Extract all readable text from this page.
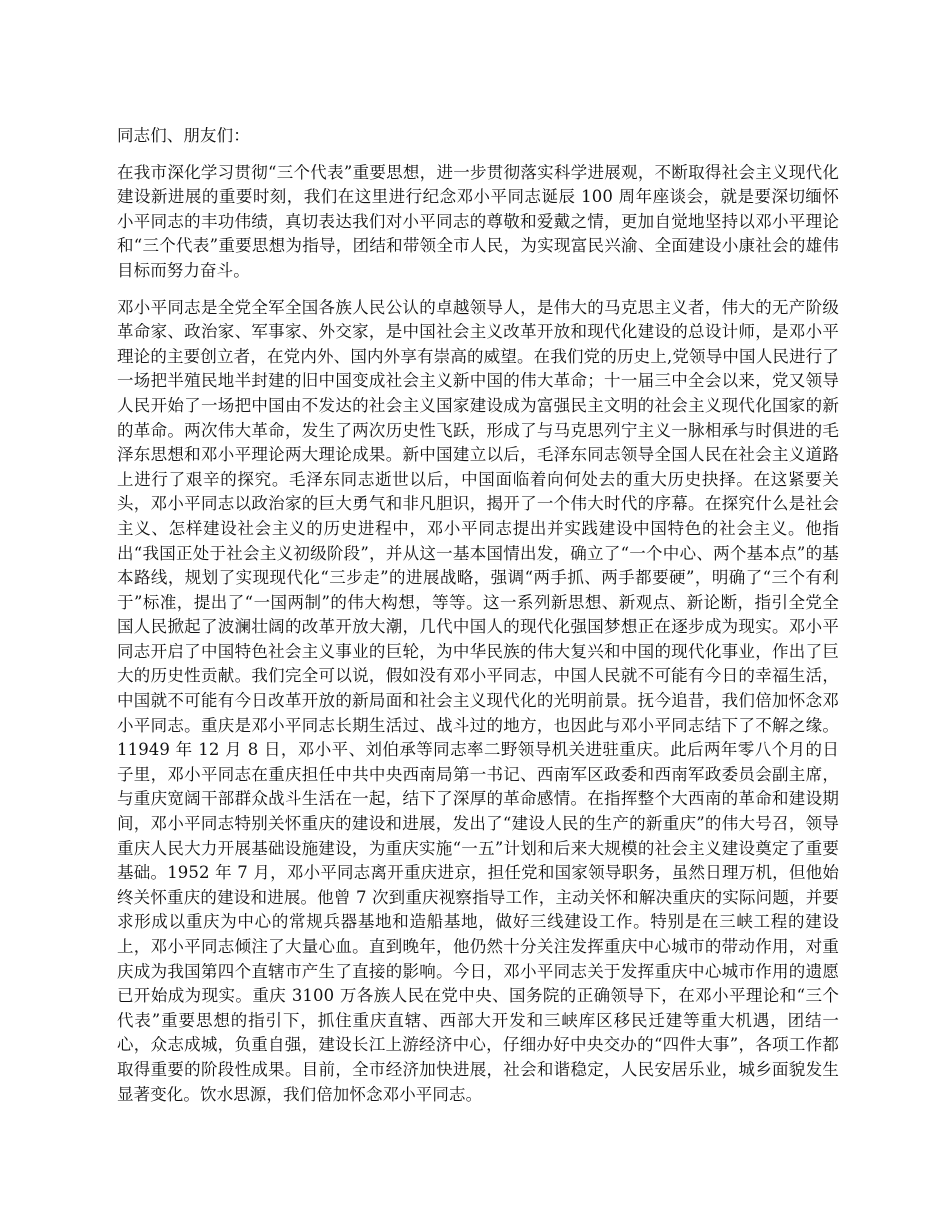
同志们、朋友们：

在我市深化学习贯彻“三个代表”重要思想，进一步贯彻落实科学进展观，不断取得社会主义现代化建设新进展的重要时刻，我们在这里进行纪念邓小平同志诞辰 100 周年座谈会，就是要深切缅怀小平同志的丰功伟绩，真切表达我们对小平同志的尊敬和爱戴之情，更加自觉地坚持以邓小平理论和“三个代表”重要思想为指导，团结和带领全市人民，为实现富民兴渝、全面建设小康社会的雄伟目标而努力奋斗。

邓小平同志是全党全军全国各族人民公认的卓越领导人，是伟大的马克思主义者，伟大的无产阶级革命家、政治家、军事家、外交家，是中国社会主义改革开放和现代化建设的总设计师，是邓小平理论的主要创立者，在党内外、国内外享有崇高的威望。在我们党的历史上,党领导中国人民进行了一场把半殖民地半封建的旧中国变成社会主义新中国的伟大革命；十一届三中全会以来，党又领导人民开始了一场把中国由不发达的社会主义国家建设成为富强民主文明的社会主义现代化国家的新的革命。两次伟大革命，发生了两次历史性飞跃，形成了与马克思列宁主义一脉相承与时俱进的毛泽东思想和邓小平理论两大理论成果。新中国建立以后，毛泽东同志领导全国人民在社会主义道路上进行了艰辛的探究。毛泽东同志逝世以后，中国面临着向何处去的重大历史抉择。在这紧要关头，邓小平同志以政治家的巨大勇气和非凡胆识，揭开了一个伟大时代的序幕。在探究什么是社会主义、怎样建设社会主义的历史进程中，邓小平同志提出并实践建设中国特色的社会主义。他指出“我国正处于社会主义初级阶段”，并从这一基本国情出发，确立了“一个中心、两个基本点”的基本路线，规划了实现现代化“三步走”的进展战略，强调“两手抓、两手都要硬”，明确了“三个有利于”标准，提出了“一国两制”的伟大构想，等等。这一系列新思想、新观点、新论断，指引全党全国人民掀起了波澜壮阔的改革开放大潮，几代中国人的现代化强国梦想正在逐步成为现实。邓小平同志开启了中国特色社会主义事业的巨轮，为中华民族的伟大复兴和中国的现代化事业，作出了巨大的历史性贡献。我们完全可以说，假如没有邓小平同志，中国人民就不可能有今日的幸福生活，中国就不可能有今日改革开放的新局面和社会主义现代化的光明前景。抚今追昔，我们倍加怀念邓小平同志。重庆是邓小平同志长期生活过、战斗过的地方，也因此与邓小平同志结下了不解之缘。11949 年 12 月 8 日，邓小平、刘伯承等同志率二野领导机关进驻重庆。此后两年零八个月的日子里，邓小平同志在重庆担任中共中央西南局第一书记、西南军区政委和西南军政委员会副主席，与重庆宽阔干部群众战斗生活在一起，结下了深厚的革命感情。在指挥整个大西南的革命和建设期间，邓小平同志特别关怀重庆的建设和进展，发出了“建设人民的生产的新重庆”的伟大号召，领导重庆人民大力开展基础设施建设，为重庆实施“一五”计划和后来大规模的社会主义建设奠定了重要基础。1952 年 7 月，邓小平同志离开重庆进京，担任党和国家领导职务，虽然日理万机，但他始终关怀重庆的建设和进展。他曾 7 次到重庆视察指导工作，主动关怀和解决重庆的实际问题，并要求形成以重庆为中心的常规兵器基地和造船基地，做好三线建设工作。特别是在三峡工程的建设上，邓小平同志倾注了大量心血。直到晚年，他仍然十分关注发挥重庆中心城市的带动作用，对重庆成为我国第四个直辖市产生了直接的影响。今日，邓小平同志关于发挥重庆中心城市作用的遗愿已开始成为现实。重庆 3100 万各族人民在党中央、国务院的正确领导下，在邓小平理论和“三个代表”重要思想的指引下，抓住重庆直辖、西部大开发和三峡库区移民迁建等重大机遇，团结一心，众志成城，负重自强，建设长江上游经济中心，仔细办好中央交办的“四件大事”，各项工作都取得重要的阶段性成果。目前，全市经济加快进展，社会和谐稳定，人民安居乐业，城乡面貌发生显著变化。饮水思源，我们倍加怀念邓小平同志。
